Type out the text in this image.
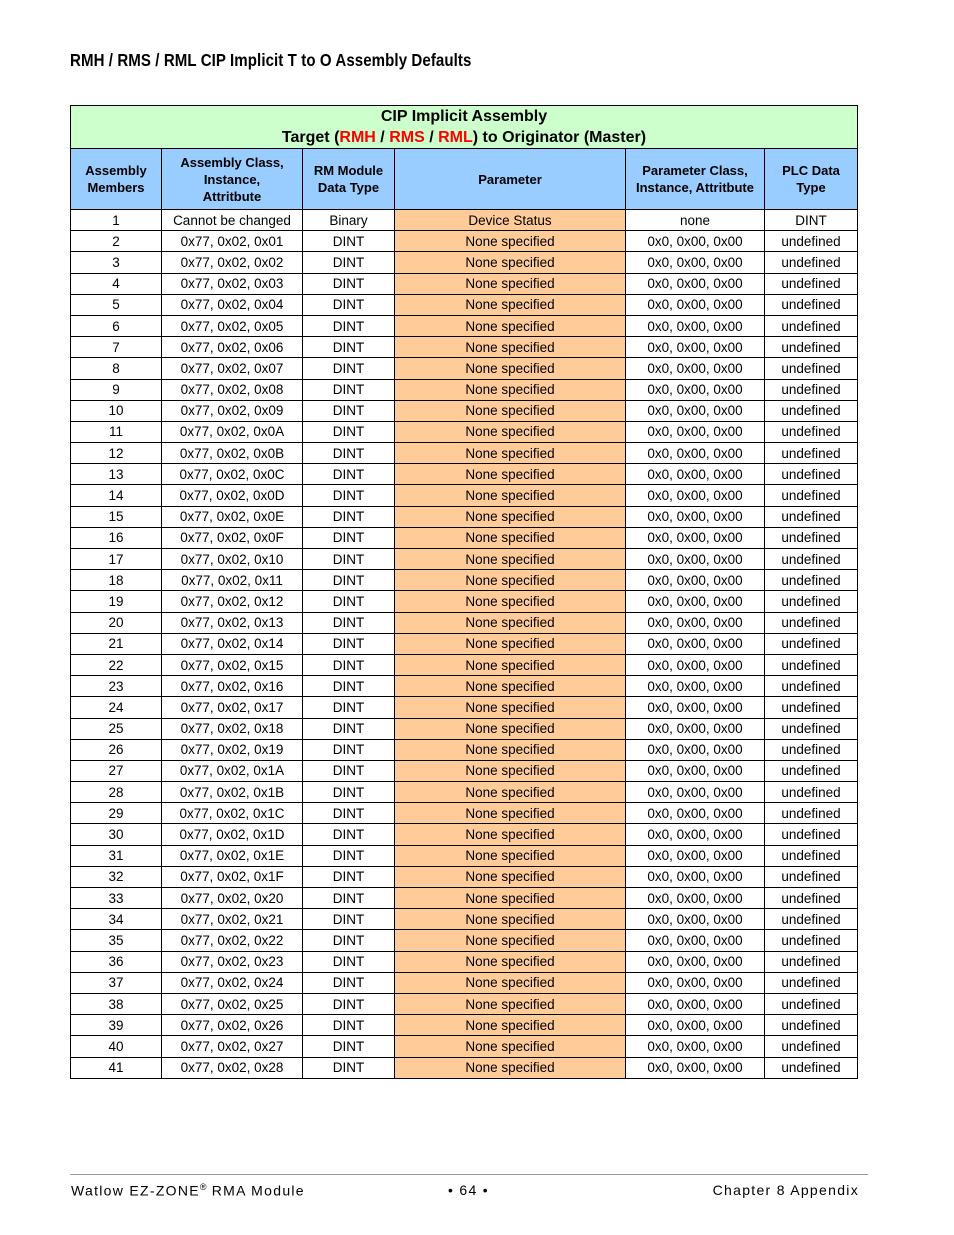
RMH / RMS / RML CIP Implicit T to O Assembly Defaults
CIP Implicit Assembly
Target (RMH / RMS / RML) to Originator (Master)					

Assembly Members	Assembly Class, Instance, Attritbute	RM Module Data Type	Parameter	Parameter Class, Instance, Attritbute	PLC Data Type
1	Cannot be changed	Binary	Device Status	none	DINT
2	0x77, 0x02, 0x01	DINT	None specified	0x0, 0x00, 0x00	undefined
3	0x77, 0x02, 0x02	DINT	None specified	0x0, 0x00, 0x00	undefined
4	0x77, 0x02, 0x03	DINT	None specified	0x0, 0x00, 0x00	undefined
5	0x77, 0x02, 0x04	DINT	None specified	0x0, 0x00, 0x00	undefined
6	0x77, 0x02, 0x05	DINT	None specified	0x0, 0x00, 0x00	undefined
7	0x77, 0x02, 0x06	DINT	None specified	0x0, 0x00, 0x00	undefined
8	0x77, 0x02, 0x07	DINT	None specified	0x0, 0x00, 0x00	undefined
9	0x77, 0x02, 0x08	DINT	None specified	0x0, 0x00, 0x00	undefined
10	0x77, 0x02, 0x09	DINT	None specified	0x0, 0x00, 0x00	undefined
11	0x77, 0x02, 0x0A	DINT	None specified	0x0, 0x00, 0x00	undefined
12	0x77, 0x02, 0x0B	DINT	None specified	0x0, 0x00, 0x00	undefined
13	0x77, 0x02, 0x0C	DINT	None specified	0x0, 0x00, 0x00	undefined
14	0x77, 0x02, 0x0D	DINT	None specified	0x0, 0x00, 0x00	undefined
15	0x77, 0x02, 0x0E	DINT	None specified	0x0, 0x00, 0x00	undefined
16	0x77, 0x02, 0x0F	DINT	None specified	0x0, 0x00, 0x00	undefined
17	0x77, 0x02, 0x10	DINT	None specified	0x0, 0x00, 0x00	undefined
18	0x77, 0x02, 0x11	DINT	None specified	0x0, 0x00, 0x00	undefined
19	0x77, 0x02, 0x12	DINT	None specified	0x0, 0x00, 0x00	undefined
20	0x77, 0x02, 0x13	DINT	None specified	0x0, 0x00, 0x00	undefined
21	0x77, 0x02, 0x14	DINT	None specified	0x0, 0x00, 0x00	undefined
22	0x77, 0x02, 0x15	DINT	None specified	0x0, 0x00, 0x00	undefined
23	0x77, 0x02, 0x16	DINT	None specified	0x0, 0x00, 0x00	undefined
24	0x77, 0x02, 0x17	DINT	None specified	0x0, 0x00, 0x00	undefined
25	0x77, 0x02, 0x18	DINT	None specified	0x0, 0x00, 0x00	undefined
26	0x77, 0x02, 0x19	DINT	None specified	0x0, 0x00, 0x00	undefined
27	0x77, 0x02, 0x1A	DINT	None specified	0x0, 0x00, 0x00	undefined
28	0x77, 0x02, 0x1B	DINT	None specified	0x0, 0x00, 0x00	undefined
29	0x77, 0x02, 0x1C	DINT	None specified	0x0, 0x00, 0x00	undefined
30	0x77, 0x02, 0x1D	DINT	None specified	0x0, 0x00, 0x00	undefined
31	0x77, 0x02, 0x1E	DINT	None specified	0x0, 0x00, 0x00	undefined
32	0x77, 0x02, 0x1F	DINT	None specified	0x0, 0x00, 0x00	undefined
33	0x77, 0x02, 0x20	DINT	None specified	0x0, 0x00, 0x00	undefined
34	0x77, 0x02, 0x21	DINT	None specified	0x0, 0x00, 0x00	undefined
35	0x77, 0x02, 0x22	DINT	None specified	0x0, 0x00, 0x00	undefined
36	0x77, 0x02, 0x23	DINT	None specified	0x0, 0x00, 0x00	undefined
37	0x77, 0x02, 0x24	DINT	None specified	0x0, 0x00, 0x00	undefined
38	0x77, 0x02, 0x25	DINT	None specified	0x0, 0x00, 0x00	undefined
39	0x77, 0x02, 0x26	DINT	None specified	0x0, 0x00, 0x00	undefined
40	0x77, 0x02, 0x27	DINT	None specified	0x0, 0x00, 0x00	undefined
41	0x77, 0x02, 0x28	DINT	None specified	0x0, 0x00, 0x00	undefined
Watlow EZ-ZONE® RMA Module	• 64 •	Chapter 8 Appendix
